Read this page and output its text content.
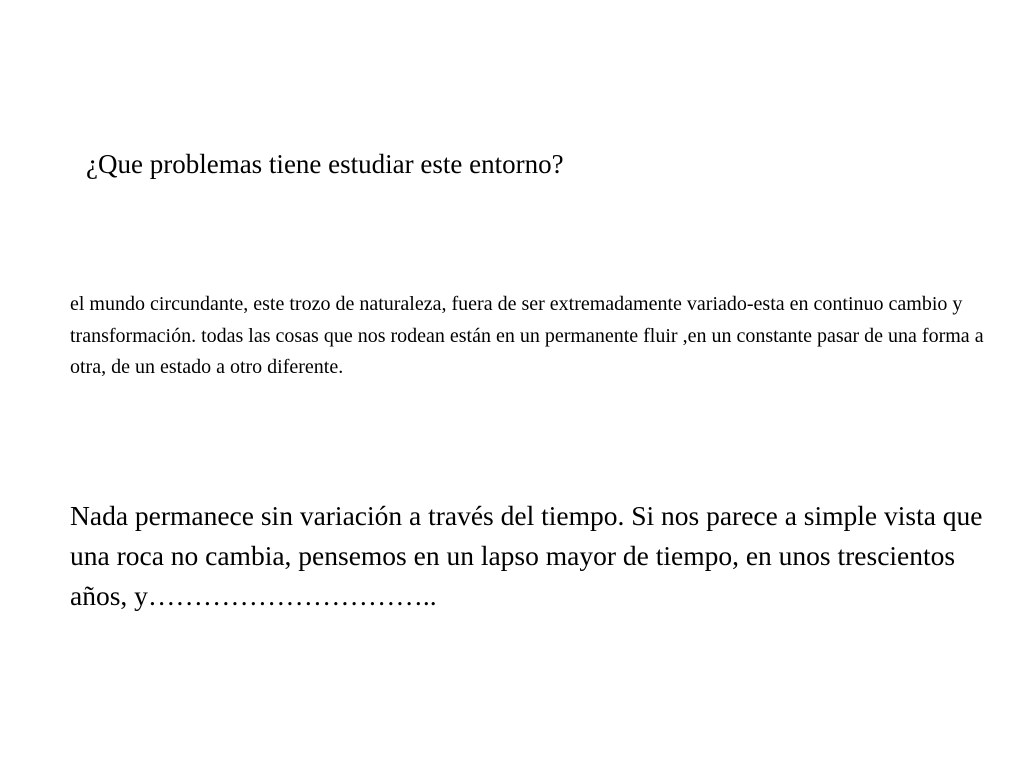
¿Que problemas tiene estudiar este entorno?

el mundo circundante, este trozo de naturaleza, fuera de ser extremadamente variado-esta en continuo cambio y transformación. todas las cosas que nos rodean están en un permanente fluir ,en un constante pasar de una forma a otra, de un estado a otro diferente.

Nada permanece sin variación a través del tiempo. Si nos parece a simple vista que una roca no cambia, pensemos en un lapso mayor de tiempo, en unos trescientos años, y…………………………..
